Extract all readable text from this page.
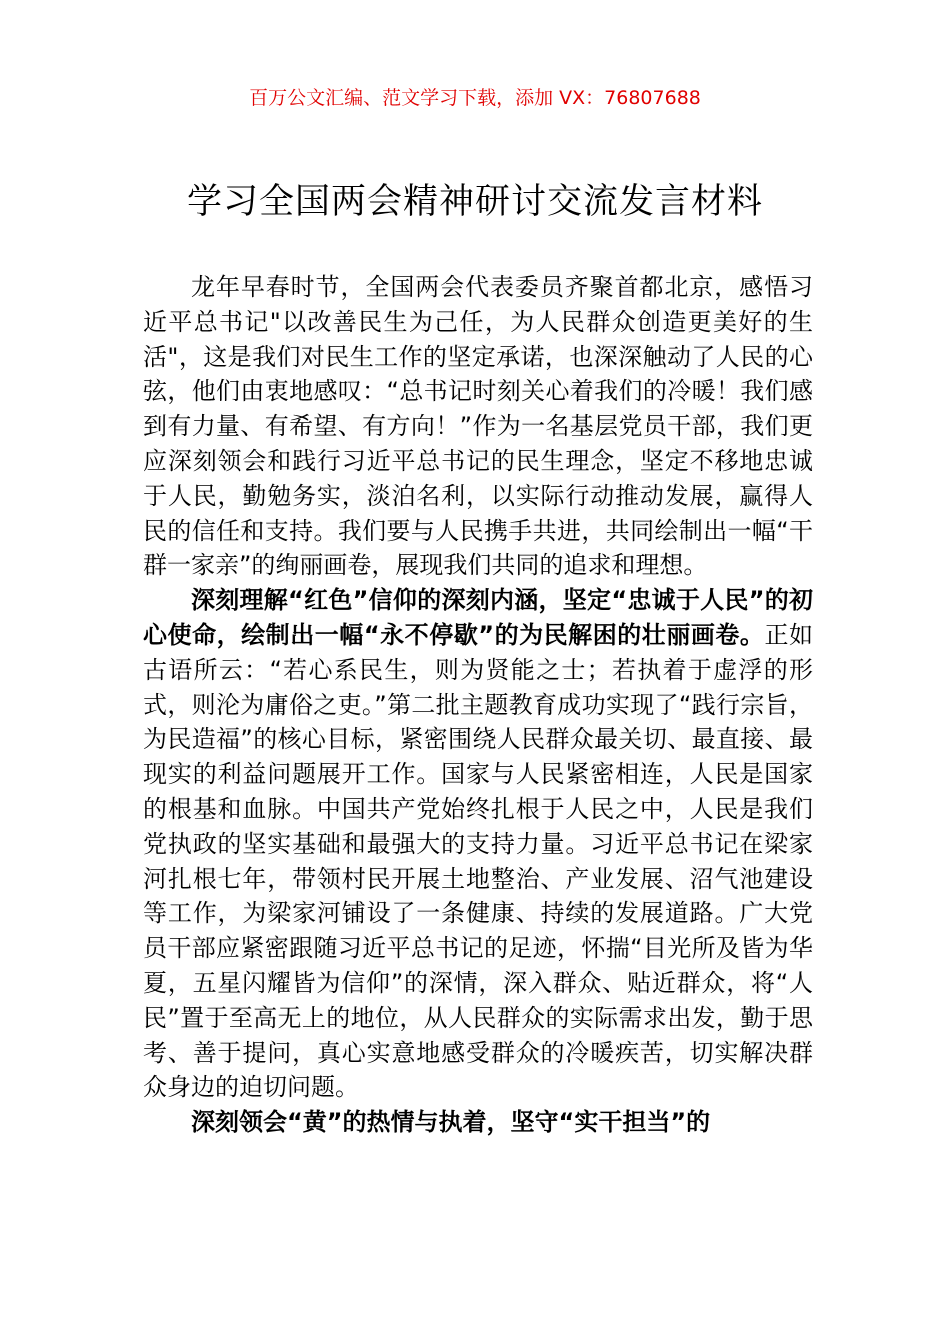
百万公文汇编、范文学习下载，添加 VX：76807688
学习全国两会精神研讨交流发言材料

龙年早春时节，全国两会代表委员齐聚首都北京，感悟习近平总书记"以改善民生为己任，为人民群众创造更美好的生活"，这是我们对民生工作的坚定承诺，也深深触动了人民的心弦，他们由衷地感叹：“总书记时刻关心着我们的冷暖！我们感到有力量、有希望、有方向！”作为一名基层党员干部，我们更应深刻领会和践行习近平总书记的民生理念，坚定不移地忠诚于人民，勤勉务实，淡泊名利，以实际行动推动发展，赢得人民的信任和支持。我们要与人民携手共进，共同绘制出一幅“干群一家亲”的绚丽画卷，展现我们共同的追求和理想。

深刻理解“红色”信仰的深刻内涵，坚定“忠诚于人民”的初心使命，绘制出一幅“永不停歇”的为民解困的壮丽画卷。正如古语所云：“若心系民生，则为贤能之士；若执着于虚浮的形式，则沦为庸俗之吏。”第二批主题教育成功实现了“践行宗旨，为民造福”的核心目标，紧密围绕人民群众最关切、最直接、最现实的利益问题展开工作。国家与人民紧密相连，人民是国家的根基和血脉。中国共产党始终扎根于人民之中，人民是我们党执政的坚实基础和最强大的支持力量。习近平总书记在梁家河扎根七年，带领村民开展土地整治、产业发展、沼气池建设等工作，为梁家河铺设了一条健康、持续的发展道路。广大党员干部应紧密跟随习近平总书记的足迹，怀揣“目光所及皆为华夏，五星闪耀皆为信仰”的深情，深入群众、贴近群众，将“人民”置于至高无上的地位，从人民群众的实际需求出发，勤于思考、善于提问，真心实意地感受群众的冷暖疾苦，切实解决群众身边的迫切问题。

深刻领会“黄”的热情与执着，坚守“实干担当”的
